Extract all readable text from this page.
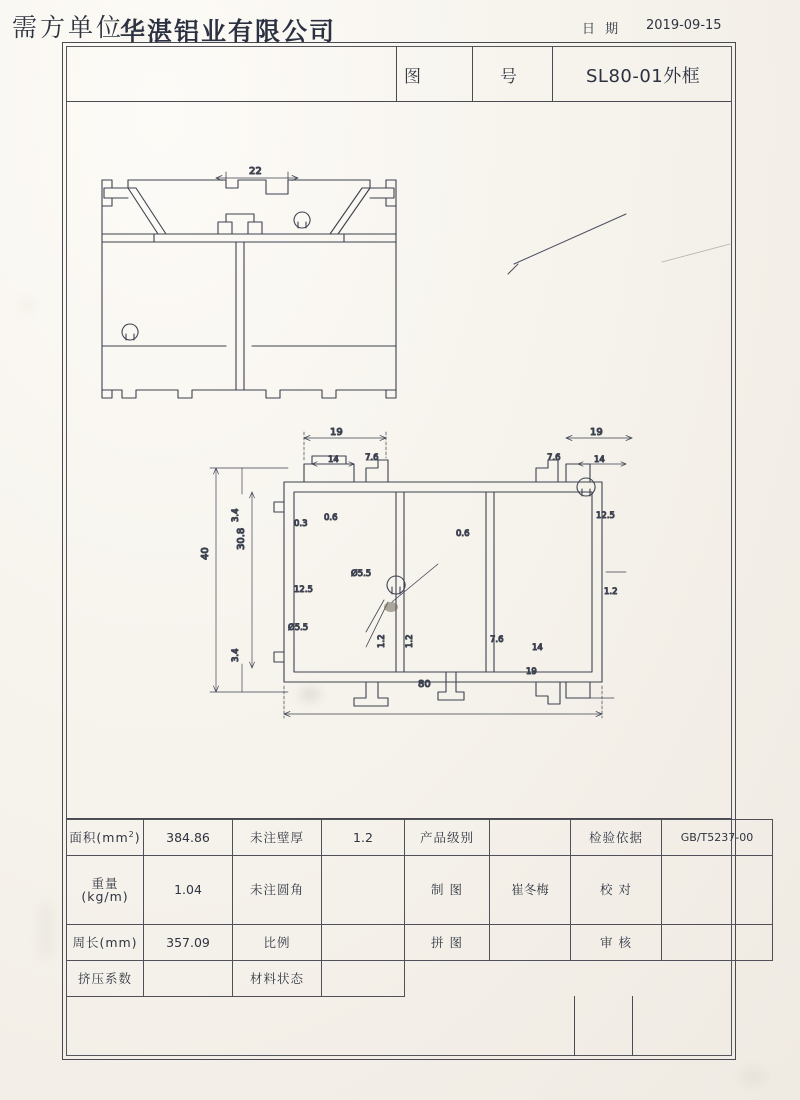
需方单位
图	号	SL80-01外框
22
19
14	7.6
19
14
7.6
40
30.8
3.4
3.4
0.3
0.6
0.6
12.5
12.5
Ø5.5
Ø5.5
1.2
1.2 1.2	7.6
14
19
80
面积$(mm^2)$	384.86	未注壁厚	1.2	产品级别		检验依据	GB/T5237-00
重量(kg/m)	1.04	未注圆角		制 图	崔冬梅	校 对	
周长(mm)	357.09	比例		拼 图		审 核	
挤压系数		材料状态					
华湛铝业有限公司	日 期 2019-09-15
